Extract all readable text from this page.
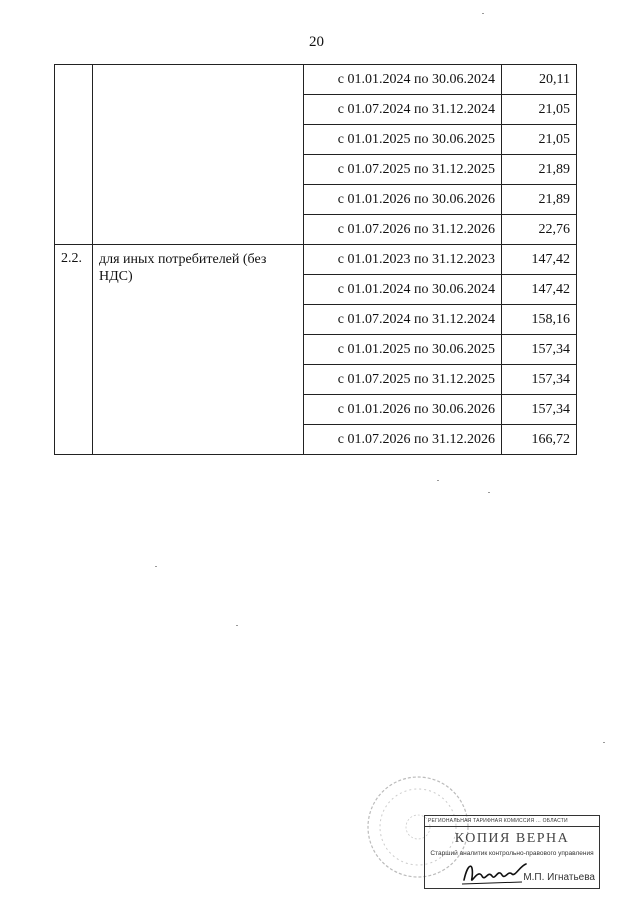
20
		с 01.01.2024 по 30.06.2024	20,11
		с 01.07.2024 по 31.12.2024	21,05
		с 01.01.2025 по 30.06.2025	21,05
		с 01.07.2025 по 31.12.2025	21,89
		с 01.01.2026 по 30.06.2026	21,89
		с 01.07.2026 по 31.12.2026	22,76
2.2.	для иных потребителей (без НДС)	с 01.01.2023 по 31.12.2023	147,42
		с 01.01.2024 по 30.06.2024	147,42
		с 01.07.2024 по 31.12.2024	158,16
		с 01.01.2025 по 30.06.2025	157,34
		с 01.07.2025 по 31.12.2025	157,34
		с 01.01.2026 по 30.06.2026	157,34
		с 01.07.2026 по 31.12.2026	166,72
РЕГИОНАЛЬНАЯ ТАРИФНАЯ КОМИССИЯ … ОБЛАСТИ
КОПИЯ ВЕРНА
Старший аналитик контрольно-правового управления
М.П. Игнатьева
